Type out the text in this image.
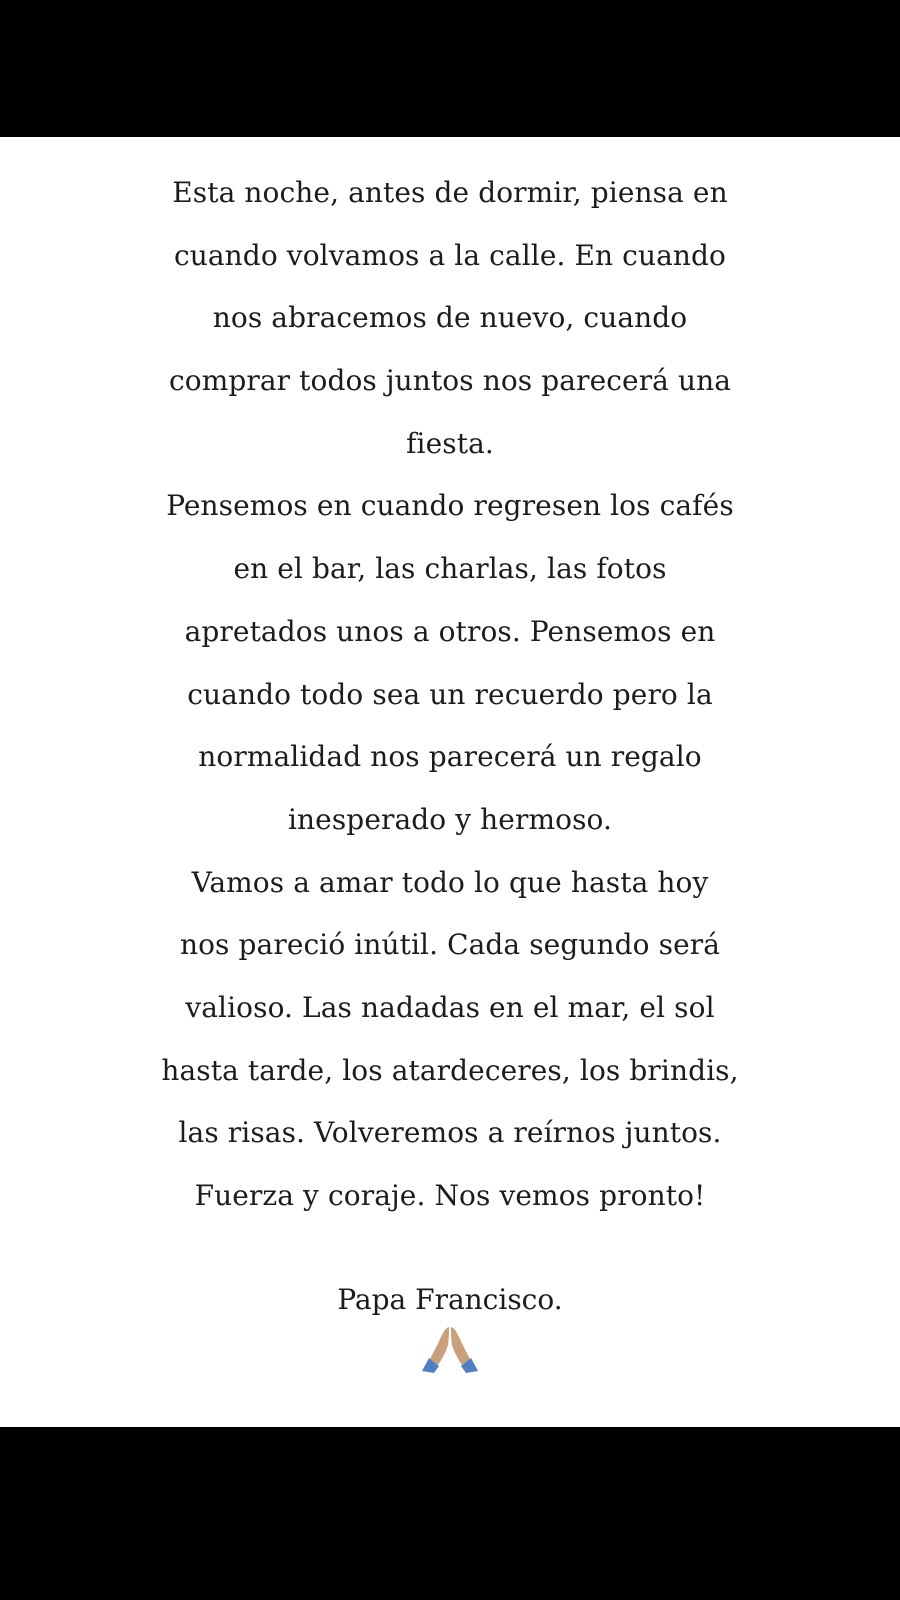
Esta noche, antes de dormir, piensa en
cuando volvamos a la calle. En cuando
nos abracemos de nuevo, cuando
comprar todos juntos nos parecerá una
fiesta.
Pensemos en cuando regresen los cafés
en el bar, las charlas, las fotos
apretados unos a otros. Pensemos en
cuando todo sea un recuerdo pero la
normalidad nos parecerá un regalo
inesperado y hermoso.
Vamos a amar todo lo que hasta hoy
nos pareció inútil. Cada segundo será
valioso. Las nadadas en el mar, el sol
hasta tarde, los atardeceres, los brindis,
las risas. Volveremos a reírnos juntos.
Fuerza y coraje. Nos vemos pronto!
Papa Francisco.
